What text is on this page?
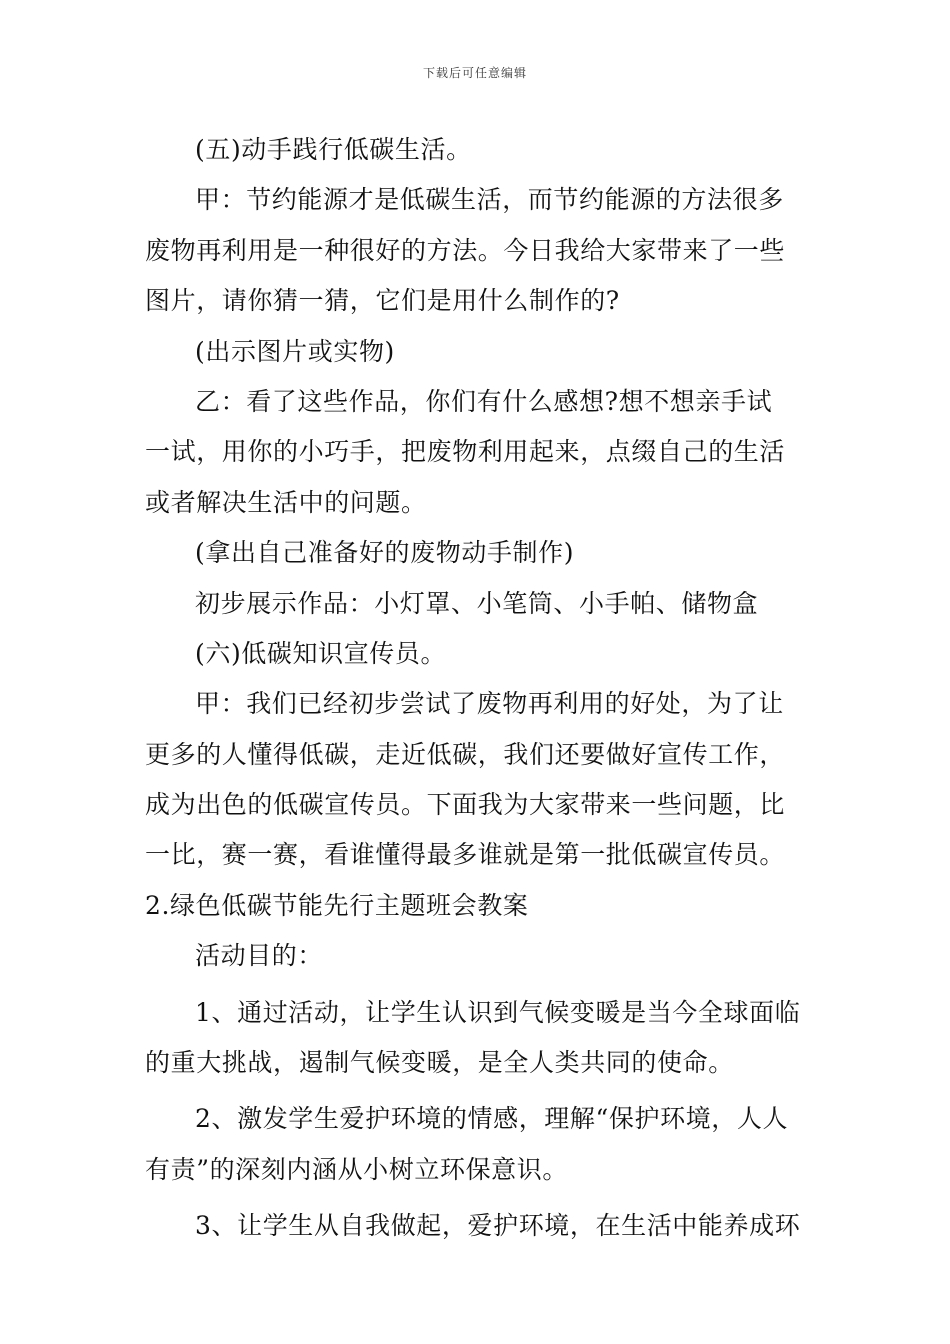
下载后可任意编辑
(五)动手践行低碳生活。
甲：节约能源才是低碳生活，而节约能源的方法很多
废物再利用是一种很好的方法。今日我给大家带来了一些
图片，请你猜一猜，它们是用什么制作的?
(出示图片或实物)
乙：看了这些作品，你们有什么感想?想不想亲手试
一试，用你的小巧手，把废物利用起来，点缀自己的生活
或者解决生活中的问题。
(拿出自己准备好的废物动手制作)
初步展示作品：小灯罩、小笔筒、小手帕、储物盒
(六)低碳知识宣传员。
甲：我们已经初步尝试了废物再利用的好处，为了让
更多的人懂得低碳，走近低碳，我们还要做好宣传工作，
成为出色的低碳宣传员。下面我为大家带来一些问题，比
一比，赛一赛，看谁懂得最多谁就是第一批低碳宣传员。
2.绿色低碳节能先行主题班会教案
活动目的：
1、通过活动，让学生认识到气候变暖是当今全球面临
的重大挑战，遏制气候变暖，是全人类共同的使命。
2、激发学生爱护环境的情感，理解“保护环境，人人
有责”的深刻内涵从小树立环保意识。
3、让学生从自我做起，爱护环境，在生活中能养成环
